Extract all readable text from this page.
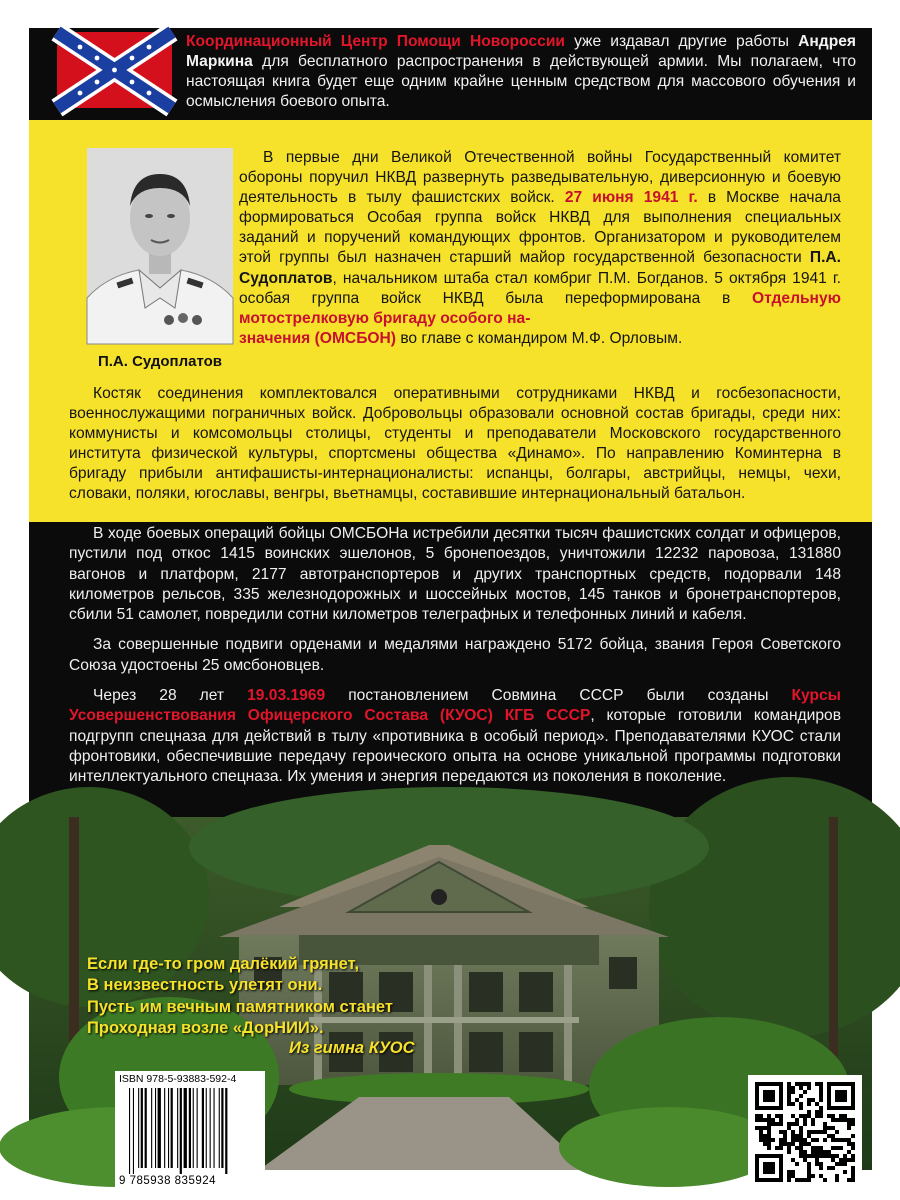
Координационный Центр Помощи Новороссии уже издавал другие работы Андрея Маркина для бесплатного распространения в действующей армии. Мы полагаем, что настоящая книга будет еще одним крайне ценным средством для массового обучения и осмысления боевого опыта.
П.А. Судоплатов
В первые дни Великой Отечественной войны Государственный комитет обороны поручил НКВД развернуть разведывательную, диверсионную и боевую деятельность в тылу фашистских войск. 27 июня 1941 г. в Москве начала формироваться Особая группа войск НКВД для выполнения специальных заданий и поручений командующих фронтов. Организатором и руководителем этой группы был назначен старший майор государственной безопасности П.А. Судоплатов, начальником штаба стал комбриг П.М. Богданов. 5 октября 1941 г. особая группа войск НКВД была переформирована в Отдельную мотострелковую бригаду особого на-
значения (ОМСБОН) во главе с командиром М.Ф. Орловым.
Костяк соединения комплектовался оперативными сотрудниками НКВД и госбезопасности, военнослужащими пограничных войск. Добровольцы образовали основной состав бригады, среди них: коммунисты и комсомольцы столицы, студенты и преподаватели Московского государственного института физической культуры, спортсмены общества «Динамо». По направлению Коминтерна в бригаду прибыли антифашисты-интернационалисты: испанцы, болгары, австрийцы, немцы, чехи, словаки, поляки, югославы, венгры, вьетнамцы, составившие интернациональный батальон.

В ходе боевых операций бойцы ОМСБОНа истребили десятки тысяч фашистских солдат и офицеров, пустили под откос 1415 воинских эшелонов, 5 бронепоездов, уничтожили 12232 паровоза, 131880 вагонов и платформ, 2177 автотранспортеров и других транспортных средств, подорвали 148 километров рельсов, 335 железнодорожных и шоссейных мостов, 145 танков и бронетранспортеров, сбили 51 самолет, повредили сотни километров телеграфных и телефонных линий и кабеля.

За совершенные подвиги орденами и медалями награждено 5172 бойца, звания Героя Советского Союза удостоены 25 омсбоновцев.

Через 28 лет 19.03.1969 постановлением Совмина СССР были созданы Курсы Усовершенствования Офицерского Состава (КУОС) КГБ СССР, которые готовили командиров подгрупп спецназа для действий в тылу «противника в особый период». Преподавателями КУОС стали фронтовики, обеспечившие передачу героического опыта на основе уникальной программы подготовки интеллектуального спецназа. Их умения и энергия передаются из поколения в поколение.

Если где-то гром далёкий грянет,
В неизвестность улетят они.
Пусть им вечным памятником станет
Проходная возле «ДорНИИ».
Из гимна КУОС
ISBN 978-5-93883-592-4
9 785938 835924
